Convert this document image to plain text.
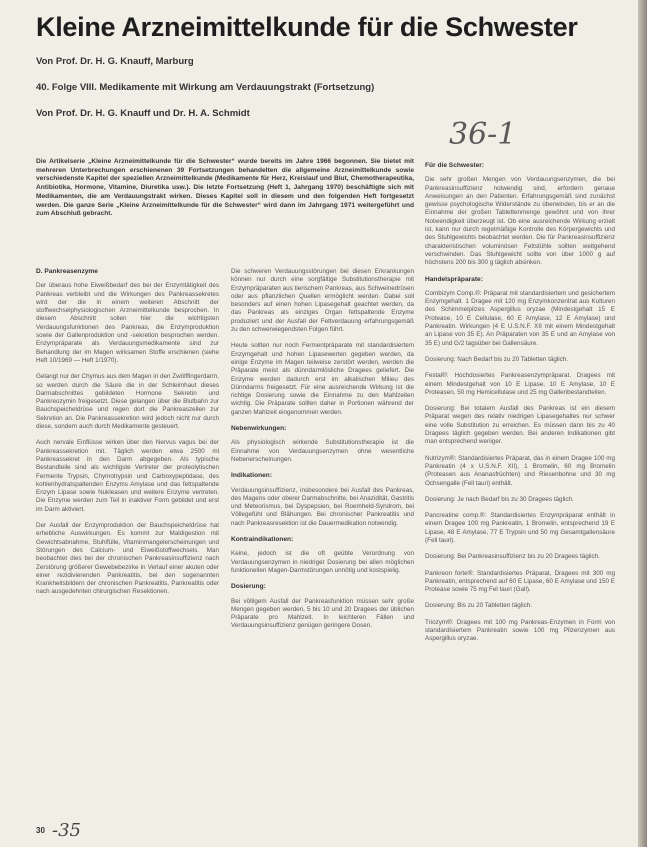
Kleine Arzneimittelkunde für die Schwester
Von Prof. Dr. H. G. Knauff, Marburg
40. Folge VIII. Medikamente mit Wirkung am Verdauungstrakt (Fortsetzung)
Von Prof. Dr. H. G. Knauff und Dr. H. A. Schmidt
36-1
Die Artikelserie „Kleine Arzneimittelkunde für die Schwester“ wurde bereits im Jahre 1966 begonnen. Sie bietet mit mehreren Unterbrechungen erschienenen 39 Fortsetzungen behandelten die allgemeine Arzneimittelkunde sowie verschiedenste Kapitel der speziellen Arzneimittelkunde (Medikamente für Herz, Kreislauf und Blut, Chemotherapeutika, Antibiotika, Hormone, Vitamine, Diuretika usw.). Die letzte Fortsetzung (Heft 1, Jahrgang 1970) beschäftigte sich mit Medikamenten, die am Verdauungstrakt wirken. Dieses Kapitel soll in diesem und den folgenden Heft fortgesetzt werden. Die ganze Serie „Kleine Arzneimittelkunde für die Schwester“ wird dann im Jahrgang 1971 weitergeführt und zum Abschluß gebracht.
D. Pankreasenzyme

Der überaus hohe Eiweißbedarf des bei der Enzymtätigkeit des Pankreas verbleibt und die Wirkungen des Pankreassekretes wird der die in einem weiteren Abschnitt der stoffwechselphysiologischen Arzneimittelkunde besprochen. In diesem Abschnitt sollen hier die wichtigsten Verdauungsfunktionen des Pankreas, die Enzymproduktion sowie der Gallenproduktion und -sekretion besprochen werden. Enzympräparate als Verdauungsmedikamente sind zur Behandlung der im Magen wirksamen Stoffe erschienen (siehe Heft 10/1969 — Heft 1/1970).

Gelangt nur der Chymus aus dem Magen in den Zwölffingerdarm, so werden durch die Säure die in der Schleimhaut dieses Darmabschnittes gebildeten Hormone Sekretin und Pankreozymin freigesetzt. Diese gelangen über die Blutbahn zur Bauchspeicheldrüse und regen dort die Pankreaszellen zur Sekretion an. Die Pankreassekretion wird jedoch nicht nur durch diese, sondern auch durch Medikamente gesteuert.

Auch nervale Einflüsse wirken über den Nervus vagus bei der Pankreassekretion mit. Täglich werden etwa 2500 ml Pankreassekret in den Darm abgegeben. Als typische Bestandteile sind als wichtigste Vertreter der proteolytischen Fermente Trypsin, Chymotrypsin und Carboxypeptidase, des kohlenhydratspaltenden Enzyms Amylase und das fettspaltende Enzym Lipase sowie Nukleasen und weitere Enzyme vertreten. Die Enzyme werden zum Teil in inaktiver Form gebildet und erst im Darm aktiviert.

Der Ausfall der Enzymproduktion der Bauchspeicheldrüse hat erhebliche Auswirkungen. Es kommt zur Maldigestion mit Gewichtsabnahme, Stuhlfülle, Vitaminmangelerscheinungen und Störungen des Calcium- und Eiweißstoffwechsels. Man beobachtet dies bei der chronischen Pankreasinsuffizienz nach Zerstörung größerer Gewebebezirke in Verlauf einer akuten oder einer rezidivierenden Pankreatitis, bei den sogenannten Krankheitsbildern der chronischen Pankreatitis, Pankreatitis oder nach ausgedehnten chirurgischen Resektionen.

Die schweren Verdauungsstörungen bei diesen Erkrankungen können nur durch eine sorgfältige Substitutionstherapie mit Enzympräparaten aus tierischem Pankreas, aus Schweinedrüsen oder aus pflanzlichen Quellen ermöglicht werden. Dabei soll besonders auf einen hohen Lipasegehalt geachtet werden, da das Pankreas als einziges Organ fettspaltende Enzyme produziert und der Ausfall der Fettverdauung erfahrungsgemäß zu den schwerwiegendsten Folgen führt.

Heute sollten nur noch Fermentpräparate mit standardisiertem Enzymgehalt und hohen Lipasewerten gegeben werden, da einige Enzyme im Magen teilweise zerstört werden, werden die Präparate meist als dünndarmlösliche Dragees geliefert. Die Enzyme werden dadurch erst im alkalischen Milieu des Dünndarms freigesetzt. Für eine ausreichende Wirkung ist die richtige Dosierung sowie die Einnahme zu den Mahlzeiten wichtig. Die Präparate sollten daher in Portionen während der ganzen Mahlzeit eingenommen werden.

Nebenwirkungen:

Als physiologisch wirkende Substitutionstherapie ist die Einnahme von Verdauungsenzymen ohne wesentliche Nebenerscheinungen.

Indikationen:

Verdauungsinsuffizienz, insbesondere bei Ausfall des Pankreas, des Magens oder oberer Darmabschnitte, bei Anazidität, Gastritis und Meteorismus, bei Dyspepsien, bei Roemheld-Syndrom, bei Völlegefühl und Blähungen. Bei chronischer Pankreatitis und nach Pankreasresektion ist die Dauermedikation notwendig.

Kontraindikationen:

Keine, jedoch ist die oft geübte Verordnung von Verdauungsenzymen in niedriger Dosierung bei allen möglichen funktionellen Magen-Darmstörungen unnötig und kostspielig.

Dosierung:

Bei völligem Ausfall der Pankreasfunktion müssen sehr große Mengen gegeben werden, 5 bis 10 und 20 Dragees der üblichen Präparate pro Mahlzeit. In leichteren Fällen und Verdauungsinsuffizienz genügen geringere Dosen.

Für die Schwester:

Die sehr großen Mengen von Verdauungsenzymen, die bei Pankreasinsuffizienz notwendig sind, erfordern genaue Anweisungen an den Patienten. Erfahrungsgemäß sind zunächst gewisse psychologische Widerstände zu überwinden, bis er an die Einnahme der großen Tablettenmenge gewöhnt und von ihrer Notwendigkeit überzeugt ist. Ob eine ausreichende Wirkung erzielt ist, kann nur durch regelmäßige Kontrolle des Körpergewichts und des Stuhlgewichts beobachtet werden. Die für Pankreasinsuffizienz charakteristischen voluminösen Fettstühle sollten weitgehend verschwinden. Das Stuhlgewicht sollte von über 1000 g auf höchstens 200 bis 300 g täglich absinken.

Handelspräparate:

Combizym Comp.®: Präparat mit standardisiertem und gesichertem Enzymgehalt. 1 Dragee mit 120 mg Enzymkonzentrat aus Kulturen des Schimmelpilzes Aspergillus oryzae (Mindestgehalt 15 E Protease, 10 E Cellulase, 60 E Amylase, 12 E Amylase) und Pankreatin. Wirkungen (4 E U.S.N.F. XII mit einem Mindestgehalt an Lipase von 35 E). An Präparaten von 35 E und an Amylase von 35 E) und G/2 tagsüber bei Gallensäure.

Dosierung: Nach Bedarf bis zu 20 Tabletten täglich.

Festal®: Hochdosiertes Pankreasenzympräparat. Dragees mit einem Mindestgehalt von 10 E Lipase, 10 E Amylase, 10 E Proteasen, 50 mg Hemicellulase und 25 mg Gallenbestandteilen.

Dosierung: Bei totalem Ausfall des Pankreas ist ein diesem Präparat wegen des relativ niedrigen Lipasegehaltes nur schwer eine volle Substitution zu erreichen. Es müssen dann bis zu 40 Dragees täglich gegeben werden. Bei anderen Indikationen gibt man entsprechend weniger.

Nutrizym®: Standardisiertes Präparat, das in einem Dragee 100 mg Pankreatin (4 x U.S.N.F. XII), 1 Bromelin, 60 mg Bromelin (Proteasen aus Ananasfrüchten) und Riesenbohne und 30 mg Ochsengalle (Fell tauri) enthält.

Dosierung: Je nach Bedarf bis zu 30 Dragees täglich.

Pancreatine comp.®: Standardisiertes Enzympräparat enthält in einem Dragee 100 mg Pankreatin, 1 Bromelin, entsprechend 19 E Lipase, 48 E Amylase, 77 E Trypsin und 50 mg Gesamtgallensäure (Fell tauri).

Dosierung: Bei Pankreasinsuffizienz bis zu 20 Dragees täglich.

Pankreon forte®: Standardisiertes Präparat, Dragees mit 300 mg Pankreatin, entsprechend auf 60 E Lipase, 60 E Amylase und 150 E Protease sowie 75 mg Fel tauri (Gall).

Dosierung: Bis zu 20 Tabletten täglich.

Triozym®: Dragees mit 100 mg Pankreas-Enzymen in Form von standardisiertem Pankreatin sowie 100 mg Pilzenzymen aus Aspergillus oryzae.

30 -35
